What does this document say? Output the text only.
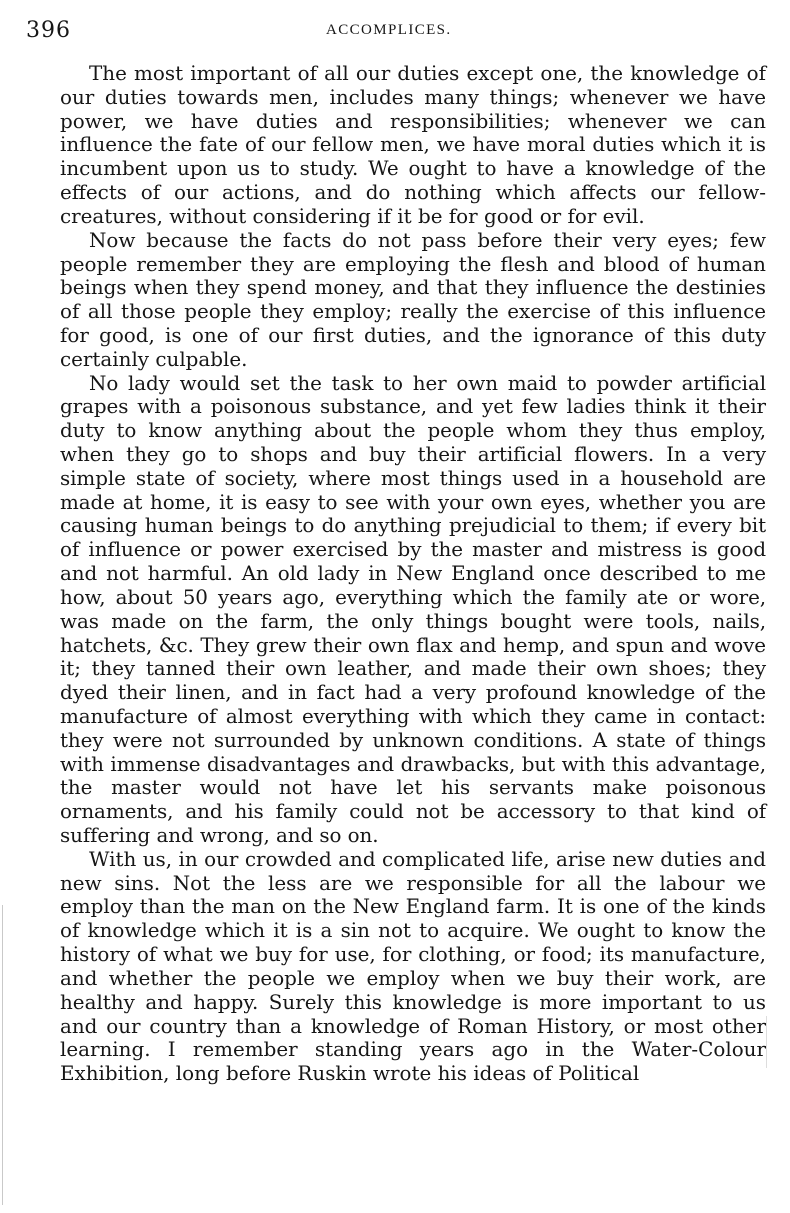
396	ACCOMPLICES.

The most important of all our duties except one, the knowledge of our duties towards men, includes many things; whenever we have power, we have duties and responsibilities; whenever we can influence the fate of our fellow men, we have moral duties which it is incumbent upon us to study. We ought to have a knowledge of the effects of our actions, and do nothing which affects our fellow-creatures, without considering if it be for good or for evil.

Now because the facts do not pass before their very eyes; few people remember they are employing the flesh and blood of human beings when they spend money, and that they influence the destinies of all those people they employ; really the exercise of this influence for good, is one of our first duties, and the ignorance of this duty certainly culpable.

No lady would set the task to her own maid to powder artificial grapes with a poisonous substance, and yet few ladies think it their duty to know anything about the people whom they thus employ, when they go to shops and buy their artificial flowers. In a very simple state of society, where most things used in a household are made at home, it is easy to see with your own eyes, whether you are causing human beings to do anything prejudicial to them; if every bit of influence or power exercised by the master and mistress is good and not harmful. An old lady in New England once described to me how, about 50 years ago, everything which the family ate or wore, was made on the farm, the only things bought were tools, nails, hatchets, &c. They grew their own flax and hemp, and spun and wove it; they tanned their own leather, and made their own shoes; they dyed their linen, and in fact had a very profound knowledge of the manufacture of almost everything with which they came in contact: they were not surrounded by unknown conditions. A state of things with immense disadvantages and drawbacks, but with this advantage, the master would not have let his servants make poisonous ornaments, and his family could not be accessory to that kind of suffering and wrong, and so on.

With us, in our crowded and complicated life, arise new duties and new sins. Not the less are we responsible for all the labour we employ than the man on the New England farm. It is one of the kinds of knowledge which it is a sin not to acquire. We ought to know the history of what we buy for use, for clothing, or food; its manufacture, and whether the people we employ when we buy their work, are healthy and happy. Surely this knowledge is more important to us and our country than a knowledge of Roman History, or most other learning. I remember standing years ago in the Water-Colour Exhibition, long before Ruskin wrote his ideas of Political
